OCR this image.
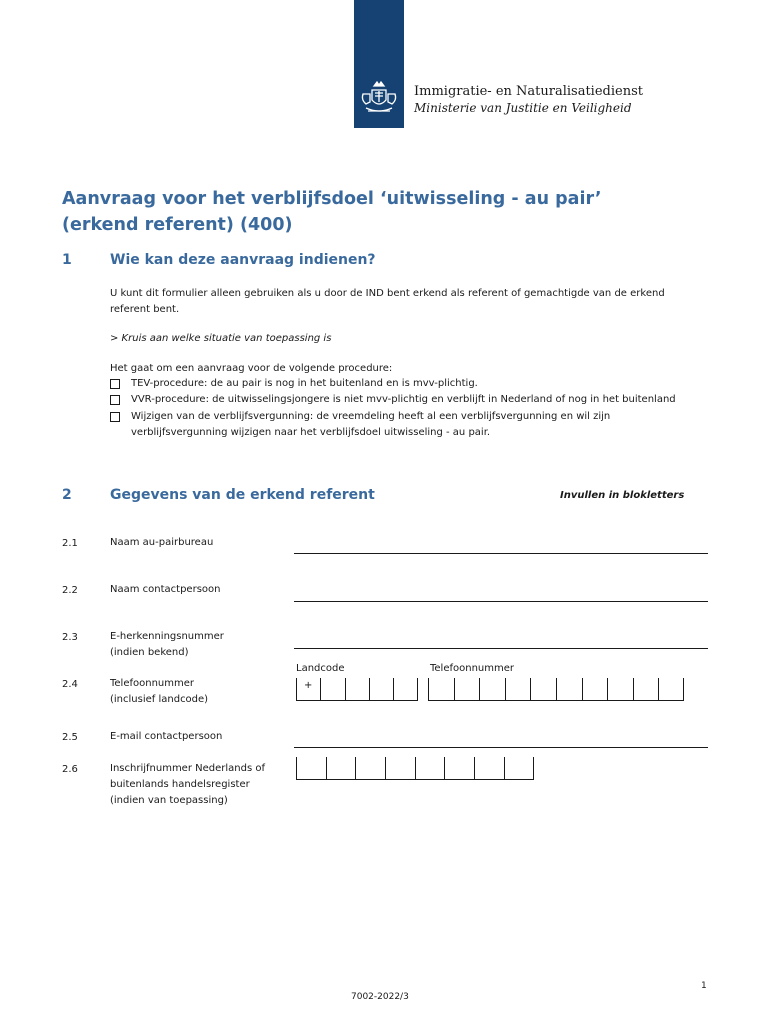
Immigratie- en Naturalisatiedienst
Ministerie van Justitie en Veiligheid
Aanvraag voor het verblijfsdoel ‘uitwisseling - au pair’
(erkend referent) (400)
1	Wie kan deze aanvraag indienen?
U kunt dit formulier alleen gebruiken als u door de IND bent erkend als referent of gemachtigde van de erkend
referent bent.
> Kruis aan welke situatie van toepassing is
Het gaat om een aanvraag voor de volgende procedure:
TEV-procedure: de au pair is nog in het buitenland en is mvv-plichtig.
VVR-procedure: de uitwisselingsjongere is niet mvv-plichtig en verblijft in Nederland of nog in het buitenland
Wijzigen van de verblijfsvergunning: de vreemdeling heeft al een verblijfsvergunning en wil zijn
verblijfsvergunning wijzigen naar het verblijfsdoel uitwisseling - au pair.
2	Gegevens van de erkend referent	Invullen in blokletters
2.1	Naam au-pairbureau
2.2	Naam contactpersoon
2.3	E-herkenningsnummer
(indien bekend)
Landcode	Telefoonnummer
2.4	Telefoonnummer
(inclusief landcode)
+
2.5	E-mail contactpersoon
2.6	Inschrijfnummer Nederlands of
buitenlands handelsregister
(indien van toepassing)
1
7002-2022/3
